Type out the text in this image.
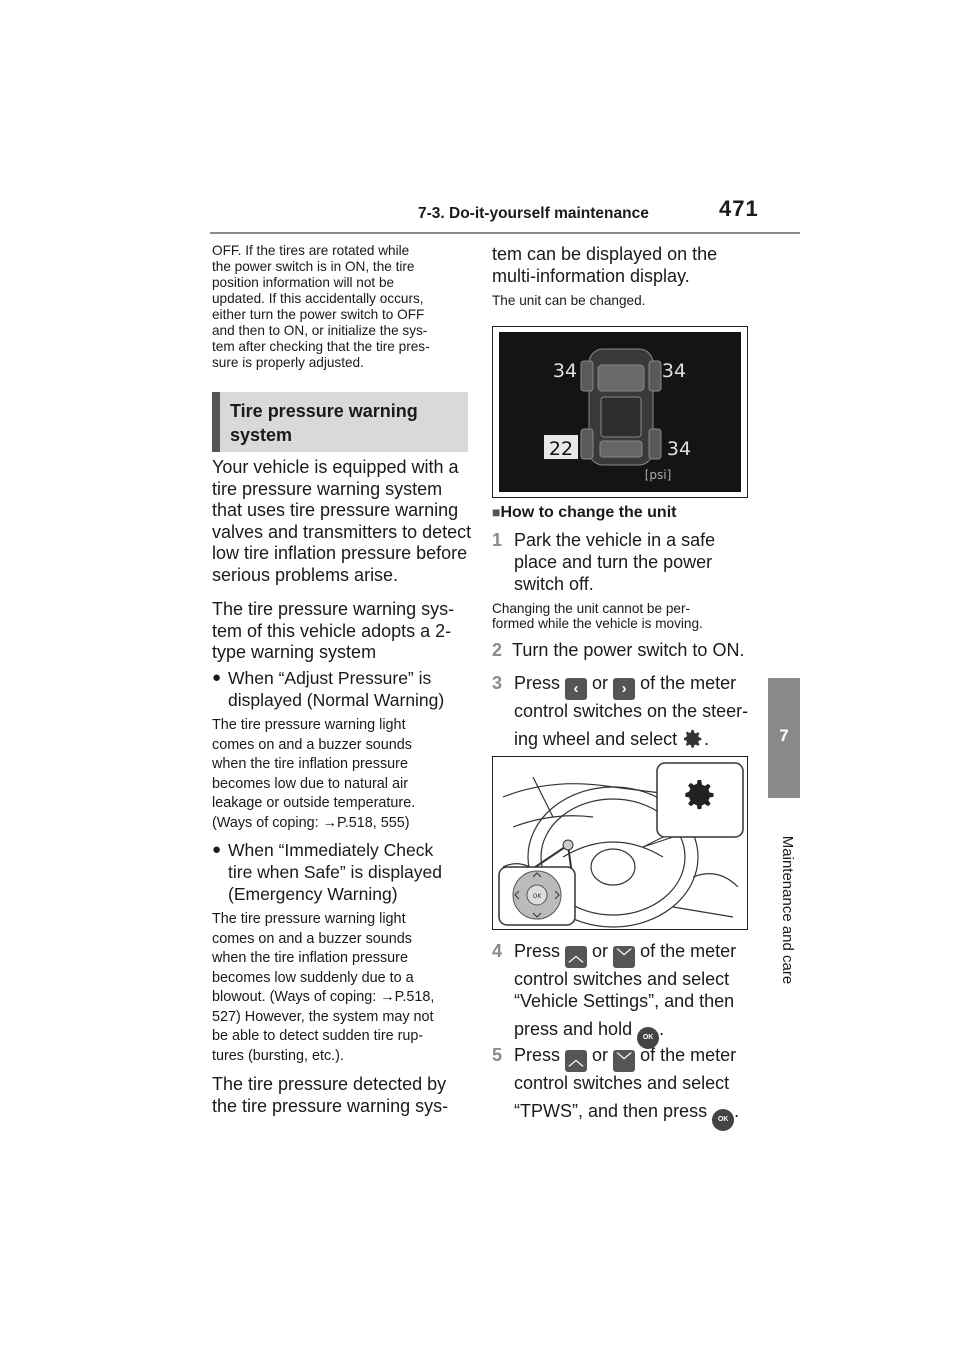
7-3. Do-it-yourself maintenance	471
7
Maintenance and care
OFF. If the tires are rotated while
the power switch is in ON, the tire
position information will not be
updated. If this accidentally occurs,
either turn the power switch to OFF
and then to ON, or initialize the sys-
tem after checking that the tire pres-
sure is properly adjusted.
Tire pressure warning
system
Your vehicle is equipped with a
tire pressure warning system
that uses tire pressure warning
valves and transmitters to detect
low tire inflation pressure before
serious problems arise.
The tire pressure warning sys-
tem of this vehicle adopts a 2-
type warning system
● When “Adjust Pressure” is
displayed (Normal Warning)
The tire pressure warning light
comes on and a buzzer sounds
when the tire inflation pressure
becomes low due to natural air
leakage or outside temperature.
(Ways of coping: →P.518, 555)
● When “Immediately Check
tire when Safe” is displayed
(Emergency Warning)
The tire pressure warning light
comes on and a buzzer sounds
when the tire inflation pressure
becomes low suddenly due to a
blowout. (Ways of coping: →P.518,
527) However, the system may not
be able to detect sudden tire rup-
tures (bursting, etc.).
The tire pressure detected by
the tire pressure warning sys-
tem can be displayed on the
multi-information display.
The unit can be changed.
34	34
22	34
[psi]
■How to change the unit
1 Park the vehicle in a safe
place and turn the power
switch off.
Changing the unit cannot be per-
formed while the vehicle is moving.
2 Turn the power switch to ON.
3 Press ‹ or › of the meter
control switches on the steer-
ing wheel and select .
OK
4 Press ︿ or ﹀ of the meter
control switches and select
“Vehicle Settings”, and then
press and hold OK .
5 Press ︿ or ﹀ of the meter
control switches and select
“TPWS”, and then press OK .
